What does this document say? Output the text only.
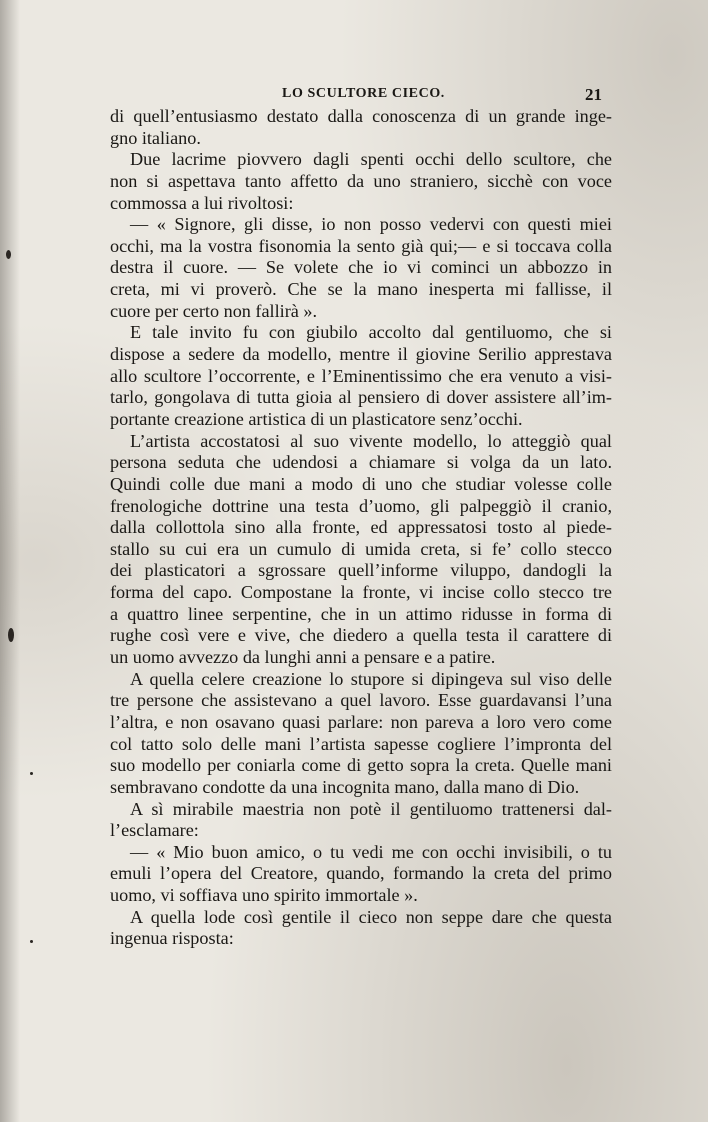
LO SCULTORE CIECO.	21
di quell’entusiasmo destato dalla conoscenza di un grande inge-
gno italiano.
Due lacrime piovvero dagli spenti occhi dello scultore, che
non si aspettava tanto affetto da uno straniero, sicchè con voce
commossa a lui rivoltosi:
— « Signore, gli disse, io non posso vedervi con questi miei
occhi, ma la vostra fisonomia la sento già qui;— e si toccava colla
destra il cuore. — Se volete che io vi cominci un abbozzo in
creta, mi vi proverò. Che se la mano inesperta mi fallisse, il
cuore per certo non fallirà ».
E tale invito fu con giubilo accolto dal gentiluomo, che si
dispose a sedere da modello, mentre il giovine Serilio apprestava
allo scultore l’occorrente, e l’Eminentissimo che era venuto a visi-
tarlo, gongolava di tutta gioia al pensiero di dover assistere all’im-
portante creazione artistica di un plasticatore senz’occhi.
L’artista accostatosi al suo vivente modello, lo atteggiò qual
persona seduta che udendosi a chiamare si volga da un lato.
Quindi colle due mani a modo di uno che studiar volesse colle
frenologiche dottrine una testa d’uomo, gli palpeggiò il cranio,
dalla collottola sino alla fronte, ed appressatosi tosto al piede-
stallo su cui era un cumulo di umida creta, si fe’ collo stecco
dei plasticatori a sgrossare quell’informe viluppo, dandogli la
forma del capo. Compostane la fronte, vi incise collo stecco tre
a quattro linee serpentine, che in un attimo ridusse in forma di
rughe così vere e vive, che diedero a quella testa il carattere di
un uomo avvezzo da lunghi anni a pensare e a patire.
A quella celere creazione lo stupore si dipingeva sul viso delle
tre persone che assistevano a quel lavoro. Esse guardavansi l’una
l’altra, e non osavano quasi parlare: non pareva a loro vero come
col tatto solo delle mani l’artista sapesse cogliere l’impronta del
suo modello per coniarla come di getto sopra la creta. Quelle mani
sembravano condotte da una incognita mano, dalla mano di Dio.
A sì mirabile maestria non potè il gentiluomo trattenersi dal-
l’esclamare:
— « Mio buon amico, o tu vedi me con occhi invisibili, o tu
emuli l’opera del Creatore, quando, formando la creta del primo
uomo, vi soffiava uno spirito immortale ».
A quella lode così gentile il cieco non seppe dare che questa
ingenua risposta:
